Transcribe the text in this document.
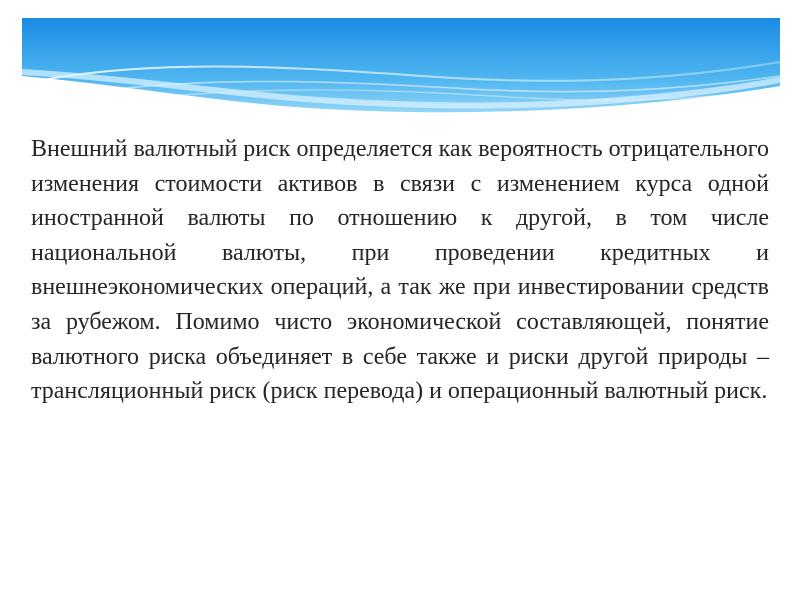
Внешний валютный риск определяется как вероятность отрицательного изменения стоимости активов в связи с изменением курса одной иностранной валюты по отношению к другой, в том числе национальной валюты, при проведении кредитных и внешнеэкономических операций, а так же при инвестировании средств за рубежом. Помимо чисто экономической составляющей, понятие валютного риска объединяет в себе также и риски другой природы –трансляционный риск (риск перевода) и операционный валютный риск.
